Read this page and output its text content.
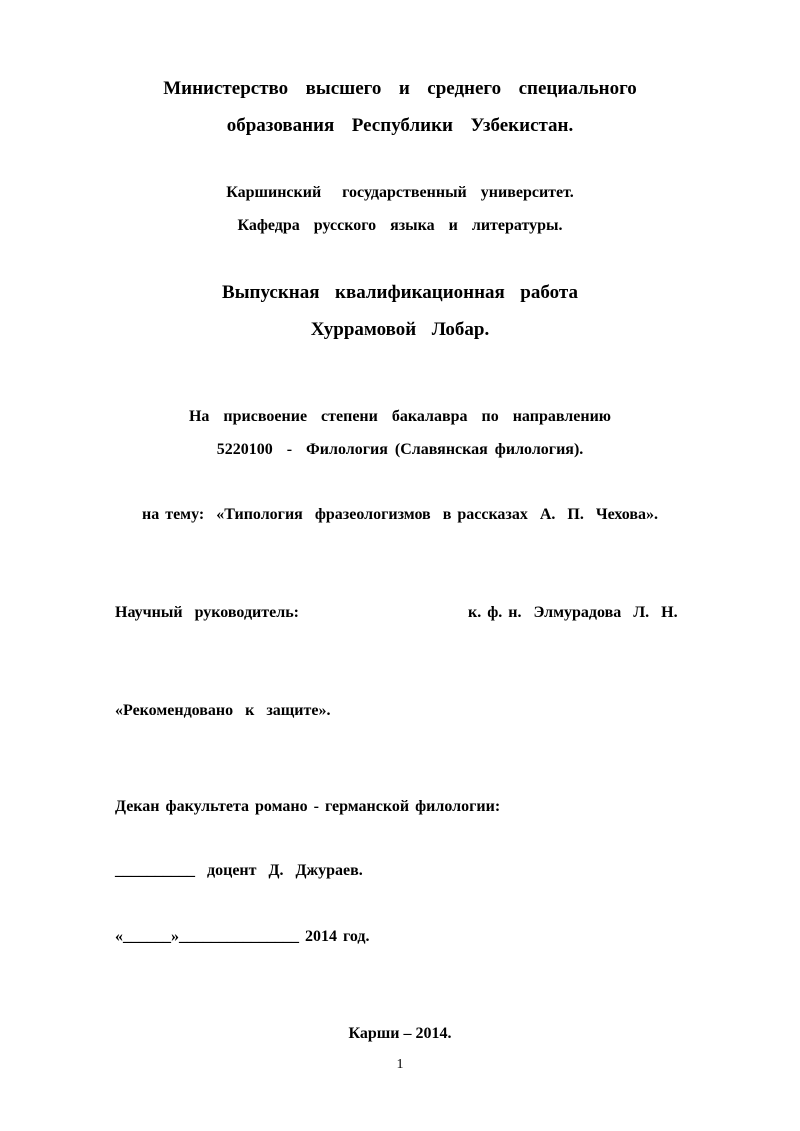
Министерство  высшего  и  среднего  специального
образования  Республики  Узбекистан.
Каршинский   государственный  университет.
Кафедра  русского  языка  и  литературы.
Выпускная  квалификационная  работа
Хуррамовой  Лобар.
На  присвоение  степени  бакалавра  по  направлению
5220100  -  Филология (Славянская филология).
на тему:  «Типология  фразеологизмов  в рассказах  А.  П.  Чехова».
Научный  руководитель:	к. ф. н.  Элмурадова  Л.  Н.
«Рекомендовано  к  защите».
Декан факультета романо - германской филологии:
__________  доцент  Д.  Джураев.
«______»_______________ 2014 год.
Карши – 2014.
1
